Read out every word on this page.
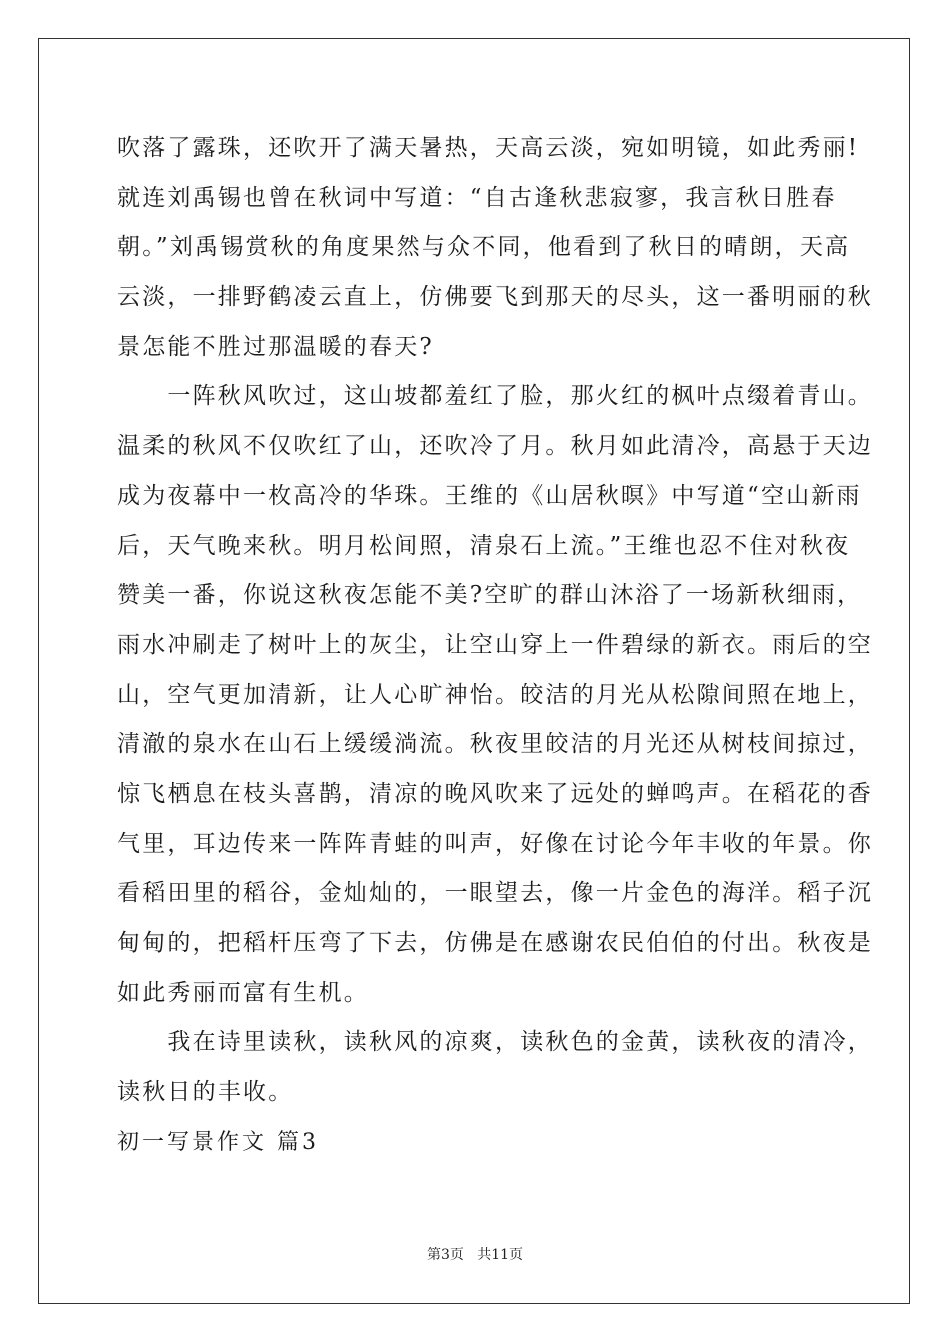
吹落了露珠，还吹开了满天暑热，天高云淡，宛如明镜，如此秀丽!
就连刘禹锡也曾在秋词中写道：“自古逢秋悲寂寥，我言秋日胜春
朝。”刘禹锡赏秋的角度果然与众不同，他看到了秋日的晴朗，天高
云淡，一排野鹤凌云直上，仿佛要飞到那天的尽头，这一番明丽的秋
景怎能不胜过那温暖的春天?
　　一阵秋风吹过，这山坡都羞红了脸，那火红的枫叶点缀着青山。
温柔的秋风不仅吹红了山，还吹冷了月。秋月如此清冷，高悬于天边
成为夜幕中一枚高冷的华珠。王维的《山居秋暝》中写道“空山新雨
后，天气晚来秋。明月松间照，清泉石上流。”王维也忍不住对秋夜
赞美一番，你说这秋夜怎能不美?空旷的群山沐浴了一场新秋细雨，
雨水冲刷走了树叶上的灰尘，让空山穿上一件碧绿的新衣。雨后的空
山，空气更加清新，让人心旷神怡。皎洁的月光从松隙间照在地上，
清澈的泉水在山石上缓缓淌流。秋夜里皎洁的月光还从树枝间掠过，
惊飞栖息在枝头喜鹊，清凉的晚风吹来了远处的蝉鸣声。在稻花的香
气里，耳边传来一阵阵青蛙的叫声，好像在讨论今年丰收的年景。你
看稻田里的稻谷，金灿灿的，一眼望去，像一片金色的海洋。稻子沉
甸甸的，把稻杆压弯了下去，仿佛是在感谢农民伯伯的付出。秋夜是
如此秀丽而富有生机。
　　我在诗里读秋，读秋风的凉爽，读秋色的金黄，读秋夜的清冷，
读秋日的丰收。
初一写景作文 篇3
第3页   共11页
